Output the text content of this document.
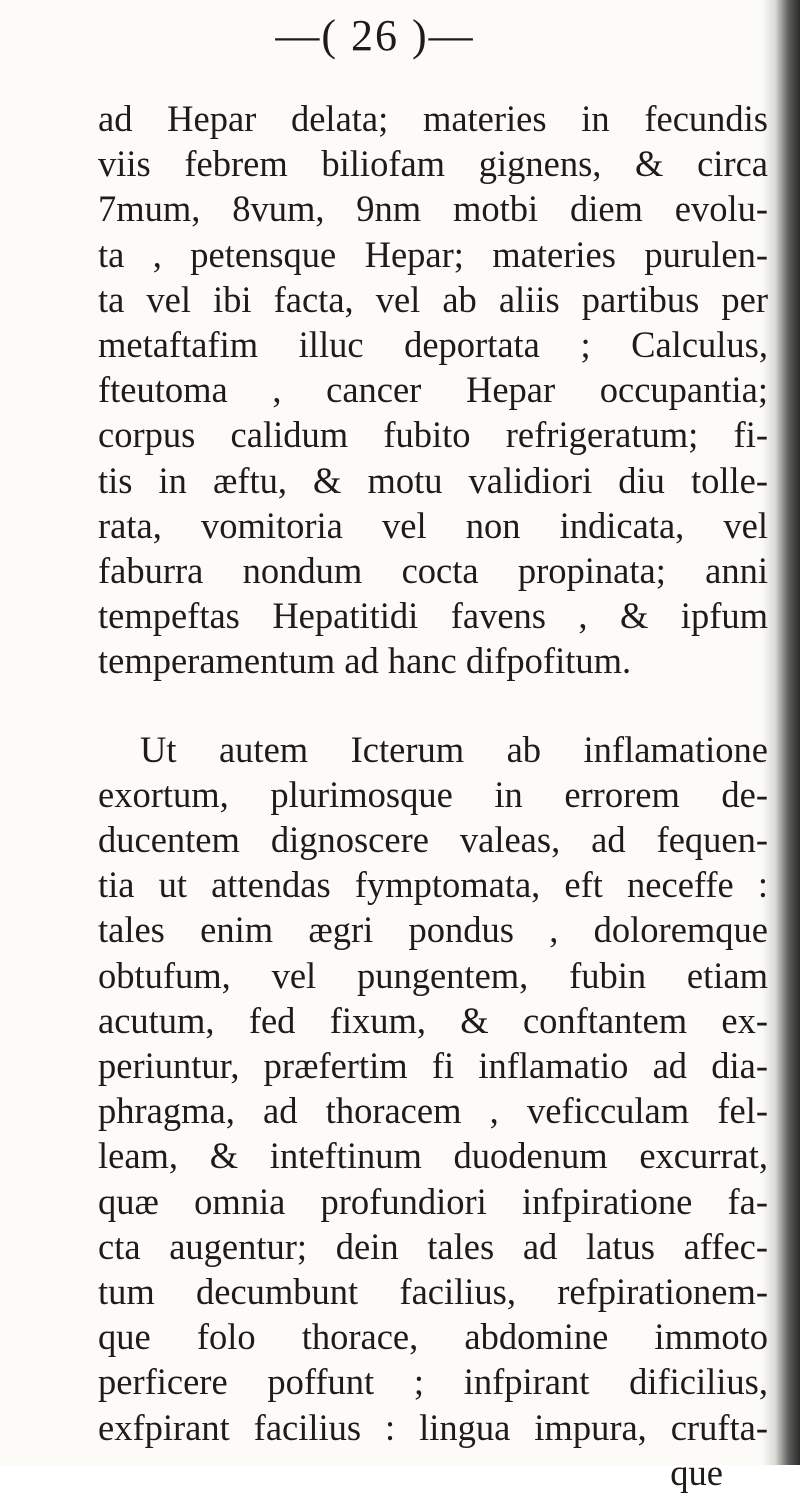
—( 26 )—
ad Hepar delata; materies in fecundis
viis febrem biliofam gignens, & circa
7mum, 8vum, 9nm motbi diem evolu-
ta , petensque Hepar; materies purulen-
ta vel ibi facta, vel ab aliis partibus per
metaftafim illuc deportata ; Calculus,
fteutoma , cancer Hepar occupantia;
corpus calidum fubito refrigeratum; fi-
tis in æftu, & motu validiori diu tolle-
rata, vomitoria vel non indicata, vel
faburra nondum cocta propinata; anni
tempeftas Hepatitidi favens , & ipfum
temperamentum ad hanc difpofitum.
Ut autem Icterum ab inflamatione
exortum, plurimosque in errorem de-
ducentem dignoscere valeas, ad fequen-
tia ut attendas fymptomata, eft neceffe :
tales enim ægri pondus , doloremque
obtufum, vel pungentem, fubin etiam
acutum, fed fixum, & conftantem ex-
periuntur, præfertim fi inflamatio ad dia-
phragma, ad thoracem , veficculam fel-
leam, & inteftinum duodenum excurrat,
quæ omnia profundiori infpiratione fa-
cta augentur; dein tales ad latus affec-
tum decumbunt facilius, refpirationem-
que folo thorace, abdomine immoto
perficere poffunt ; infpirant dificilius,
exfpirant facilius : lingua impura, crufta-
que
